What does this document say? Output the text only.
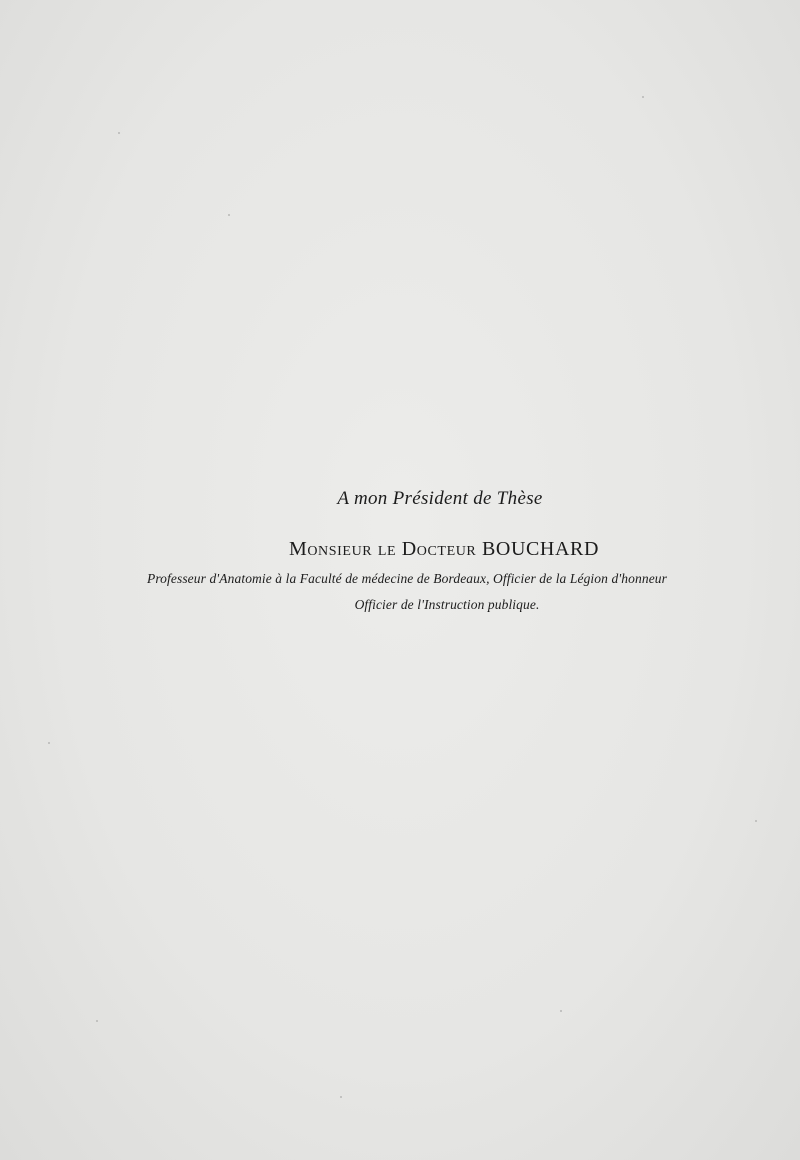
A mon Président de Thèse
Monsieur le Docteur BOUCHARD
Professeur d'Anatomie à la Faculté de médecine de Bordeaux, Officier de la Légion d'honneur
Officier de l'Instruction publique.
